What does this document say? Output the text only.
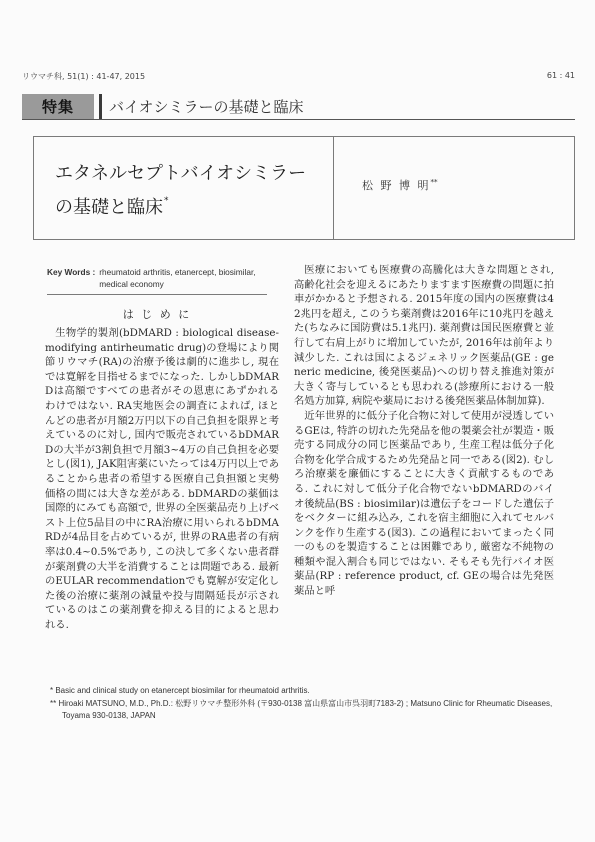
リウマチ科, 51(1) : 41-47, 2015	61 : 41
特集	バイオシミラーの基礎と臨床
エタネルセプトバイオシミラー
の基礎と臨床*
松 野 博 明**
Key Words : rheumatoid arthritis, etanercept, biosimilar, medical economy
は じ め に

生物学的製剤(bDMARD : biological disease-modifying antirheumatic drug)の登場により関節リウマチ(RA)の治療予後は劇的に進歩し, 現在では寛解を目指せるまでになった. しかしbDMARDは高額ですべての患者がその恩恵にあずかれるわけではない. RA実地医会の調査によれば, ほとんどの患者が月額2万円以下の自己負担を限界と考えているのに対し, 国内で販売されているbDMARDの大半が3割負担で月額3~4万の自己負担を必要とし(図1), JAK阻害薬にいたっては4万円以上であることから患者の希望する医療自己負担額と実勢価格の間には大きな差がある. bDMARDの薬価は国際的にみても高額で, 世界の全医薬品売り上げベスト上位5品目の中にRA治療に用いられるbDMARDが4品目を占めているが, 世界のRA患者の有病率は0.4~0.5%であり, この決して多くない患者群が薬剤費の大半を消費することは問題である. 最新のEULAR recommendationでも寛解が安定化した後の治療に薬剤の減量や投与間隔延長が示されているのはこの薬剤費を抑える目的によると思われる.

医療においても医療費の高騰化は大きな問題とされ, 高齢化社会を迎えるにあたりますます医療費の問題に拍車がかかると予想される. 2015年度の国内の医療費は42兆円を超え, このうち薬剤費は2016年に10兆円を越えた(ちなみに国防費は5.1兆円). 薬剤費は国民医療費と並行して右肩上がりに増加していたが, 2016年は前年より減少した. これは国によるジェネリック医薬品(GE : generic medicine, 後発医薬品)への切り替え推進対策が大きく寄与しているとも思われる(診療所における一般名処方加算, 病院や薬局における後発医薬品体制加算).

近年世界的に低分子化合物に対して使用が浸透しているGEは, 特許の切れた先発品を他の製薬会社が製造・販売する同成分の同じ医薬品であり, 生産工程は低分子化合物を化学合成するため先発品と同一である(図2). むしろ治療薬を廉価にすることに大きく貢献するものである. これに対して低分子化合物でないbDMARDのバイオ後続品(BS : biosimilar)は遺伝子をコードした遺伝子をベクターに組み込み, これを宿主細胞に入れてセルバンクを作り生産する(図3). この過程においてまったく同一のものを製造することは困難であり, 厳密な不純物の種類や混入割合も同じではない. そもそも先行バイオ医薬品(RP : reference product, cf. GEの場合は先発医薬品と呼

* Basic and clinical study on etanercept biosimilar for rheumatoid arthritis.

** Hiroaki MATSUNO, M.D., Ph.D.: 松野リウマチ整形外科 (〒930-0138 富山県富山市呉羽町7183-2) ; Matsuno Clinic for Rheumatic Diseases, Toyama 930-0138, JAPAN
